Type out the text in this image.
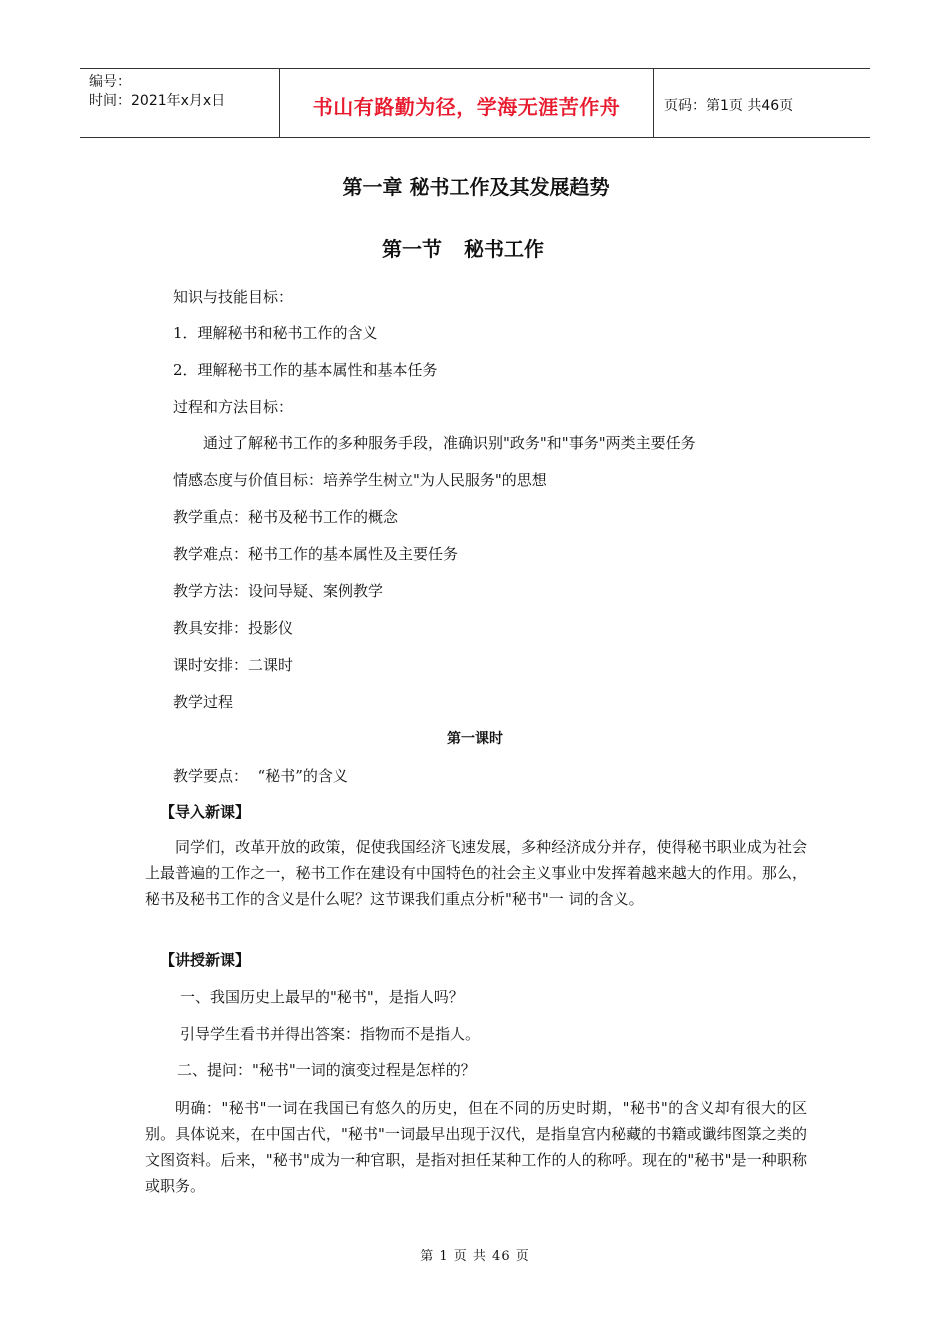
编号：
时间：2021年x月x日	书山有路勤为径，学海无涯苦作舟	页码：第1页 共46页
第一章 秘书工作及其发展趋势
第一节 秘书工作
知识与技能目标：
1．理解秘书和秘书工作的含义
2．理解秘书工作的基本属性和基本任务
过程和方法目标：
通过了解秘书工作的多种服务手段，准确识别"政务"和"事务"两类主要任务
情感态度与价值目标：培养学生树立"为人民服务"的思想
教学重点：秘书及秘书工作的概念
教学难点：秘书工作的基本属性及主要任务
教学方法：设问导疑、案例教学
教具安排：投影仪
课时安排：二课时
教学过程
第一课时
教学要点：  “秘书”的含义
【导入新课】

同学们，改革开放的政策，促使我国经济飞速发展，多种经济成分并存，使得秘书职业成为社会上最普遍的工作之一，秘书工作在建设有中国特色的社会主义事业中发挥着越来越大的作用。那么，秘书及秘书工作的含义是什么呢？这节课我们重点分析"秘书"一 词的含义。

【讲授新课】
一、我国历史上最早的"秘书"，是指人吗？
引导学生看书并得出答案：指物而不是指人。
二、提问："秘书"一词的演变过程是怎样的？

明确："秘书"一词在我国已有悠久的历史，但在不同的历史时期，"秘书"的含义却有很大的区别。具体说来，在中国古代，"秘书"一词最早出现于汉代，是指皇宫内秘藏的书籍或谶纬图箓之类的文图资料。后来，"秘书"成为一种官职，是指对担任某种工作的人的称呼。现在的"秘书"是一种职称或职务。

第 1 页 共 46 页
